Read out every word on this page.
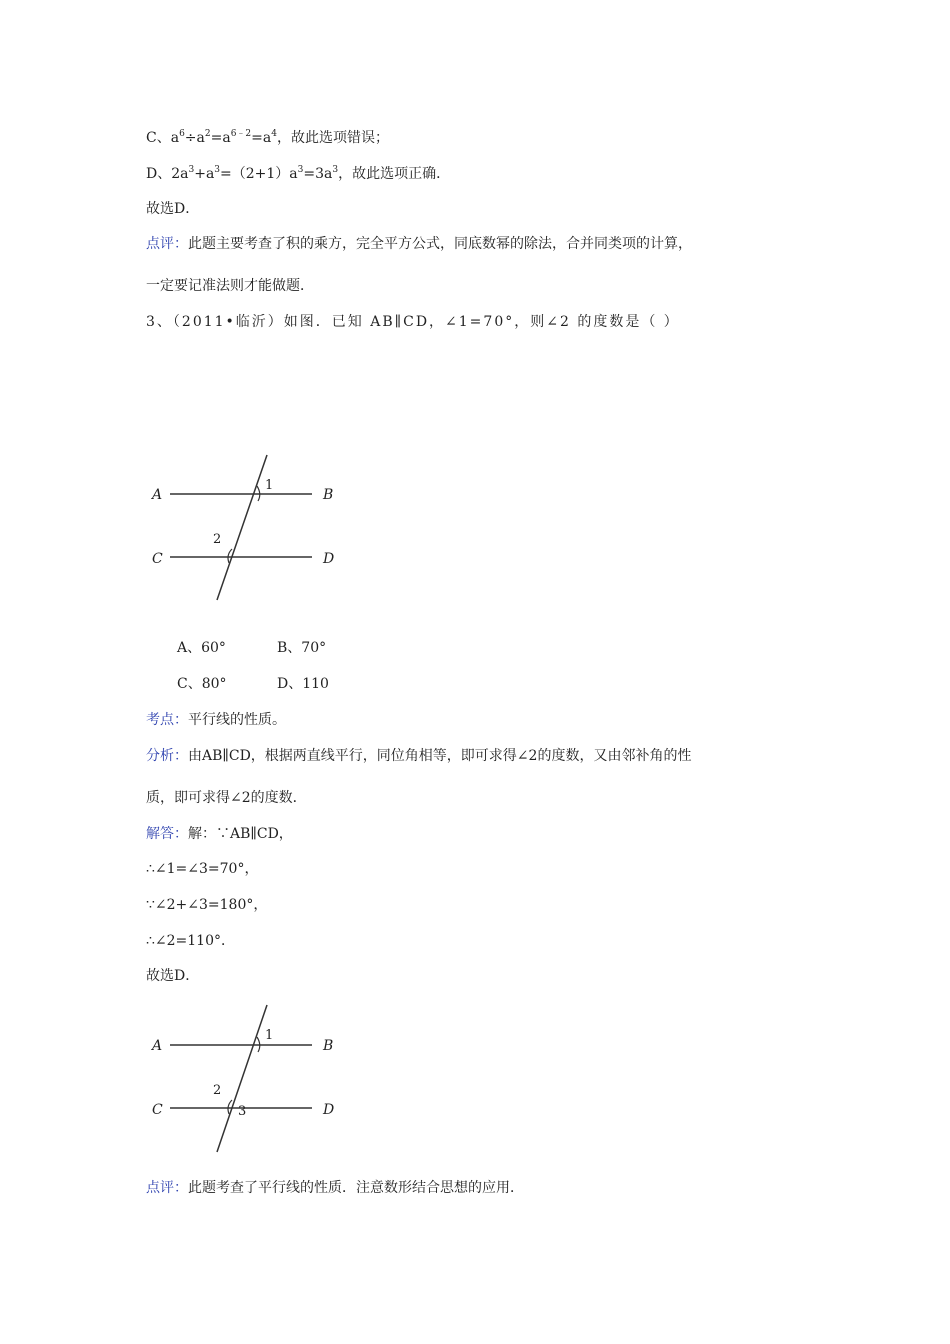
C、$a^6\div a^2=a^{6﹣2}=a^4$，故此选项错误；
D、$2a^3+a^3=(2+1)a^3=3a^3$，故此选项正确．
故选D．
点评：此题主要考查了积的乘方，完全平方公式，同底数幂的除法，合并同类项的计算，
一定要记准法则才能做题．
3、（2011•临沂）如图．已知 AB∥CD，∠1=70°，则∠2 的度数是（ ）
A	B
C	D
1
2
A、60°	B、70°
C、80°	D、110
考点：平行线的性质。
分析：由AB∥CD，根据两直线平行，同位角相等，即可求得∠2的度数，又由邻补角的性
质，即可求得∠2的度数．
解答：解：∵AB∥CD，
∴∠1=∠3=70°，
∵∠2+∠3=180°，
∴∠2=110°．
故选D．
A	B
C	D
1
2
3
点评：此题考查了平行线的性质．注意数形结合思想的应用．
